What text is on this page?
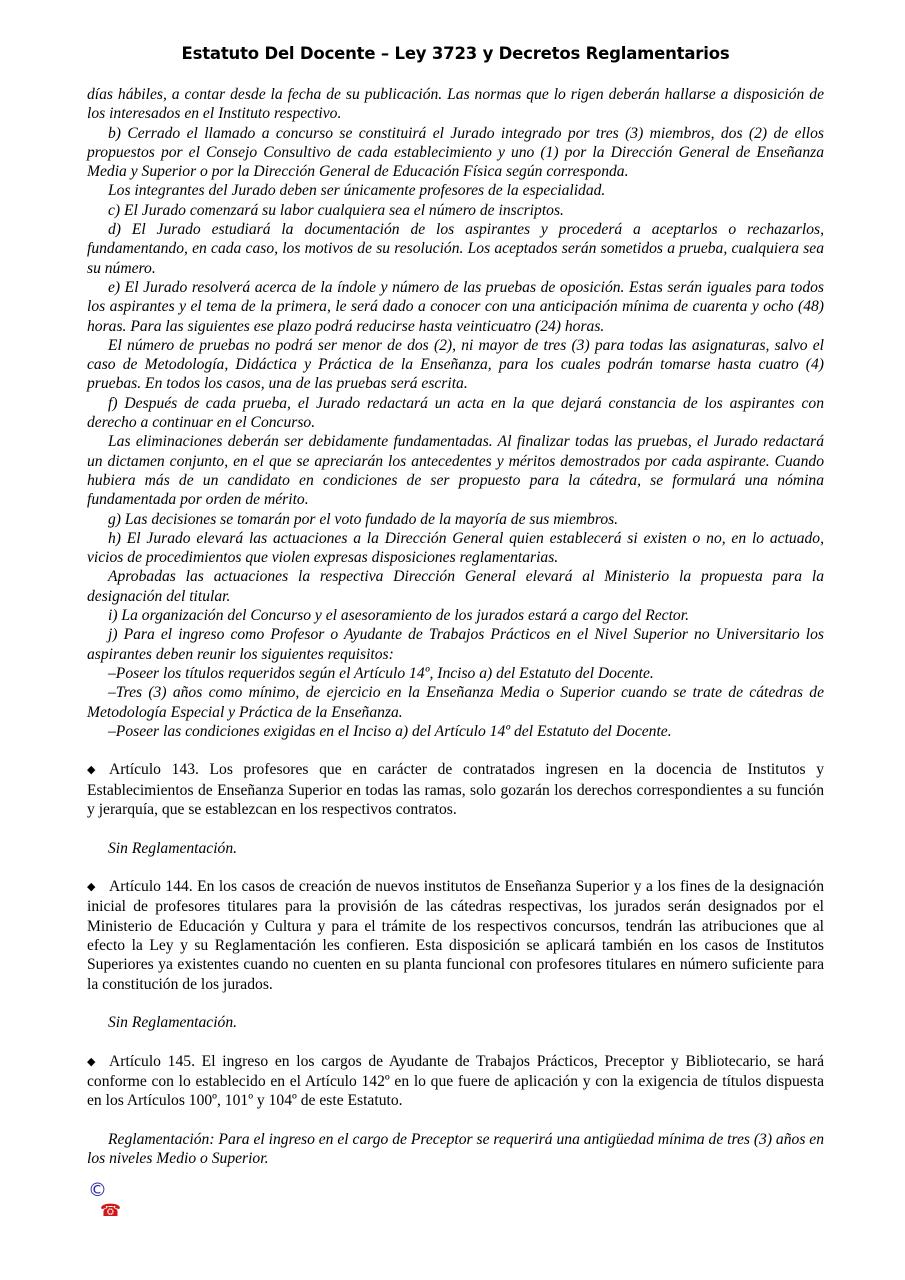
Estatuto Del Docente – Ley 3723 y Decretos Reglamentarios

días hábiles, a contar desde la fecha de su publicación. Las normas que lo rigen deberán hallarse a disposición de los interesados en el Instituto respectivo.

b) Cerrado el llamado a concurso se constituirá el Jurado integrado por tres (3) miembros, dos (2) de ellos propuestos por el Consejo Consultivo de cada establecimiento y uno (1) por la Dirección General de Enseñanza Media y Superior o por la Dirección General de Educación Física según corresponda.

Los integrantes del Jurado deben ser únicamente profesores de la especialidad.

c) El Jurado comenzará su labor cualquiera sea el número de inscriptos.

d) El Jurado estudiará la documentación de los aspirantes y procederá a aceptarlos o rechazarlos, fundamentando, en cada caso, los motivos de su resolución. Los aceptados serán sometidos a prueba, cualquiera sea su número.

e) El Jurado resolverá acerca de la índole y número de las pruebas de oposición. Estas serán iguales para todos los aspirantes y el tema de la primera, le será dado a conocer con una anticipación mínima de cuarenta y ocho (48) horas. Para las siguientes ese plazo podrá reducirse hasta veinticuatro (24) horas.

El número de pruebas no podrá ser menor de dos (2), ni mayor de tres (3) para todas las asignaturas, salvo el caso de Metodología, Didáctica y Práctica de la Enseñanza, para los cuales podrán tomarse hasta cuatro (4) pruebas. En todos los casos, una de las pruebas será escrita.

f) Después de cada prueba, el Jurado redactará un acta en la que dejará constancia de los aspirantes con derecho a continuar en el Concurso.

Las eliminaciones deberán ser debidamente fundamentadas. Al finalizar todas las pruebas, el Jurado redactará un dictamen conjunto, en el que se apreciarán los antecedentes y méritos demostrados por cada aspirante. Cuando hubiera más de un candidato en condiciones de ser propuesto para la cátedra, se formulará una nómina fundamentada por orden de mérito.

g) Las decisiones se tomarán por el voto fundado de la mayoría de sus miembros.

h) El Jurado elevará las actuaciones a la Dirección General quien establecerá si existen o no, en lo actuado, vicios de procedimientos que violen expresas disposiciones reglamentarias.

Aprobadas las actuaciones la respectiva Dirección General elevará al Ministerio la propuesta para la designación del titular.

i) La organización del Concurso y el asesoramiento de los jurados estará a cargo del Rector.

j) Para el ingreso como Profesor o Ayudante de Trabajos Prácticos en el Nivel Superior no Universitario los aspirantes deben reunir los siguientes requisitos:

–Poseer los títulos requeridos según el Artículo 14º, Inciso a) del Estatuto del Docente.

–Tres (3) años como mínimo, de ejercicio en la Enseñanza Media o Superior cuando se trate de cátedras de Metodología Especial y Práctica de la Enseñanza.

–Poseer las condiciones exigidas en el Inciso a) del Artículo 14º del Estatuto del Docente.

◆ Artículo 143. Los profesores que en carácter de contratados ingresen en la docencia de Institutos y Establecimientos de Enseñanza Superior en todas las ramas, solo gozarán los derechos correspondientes a su función y jerarquía, que se establezcan en los respectivos contratos.

Sin Reglamentación.

◆ Artículo 144. En los casos de creación de nuevos institutos de Enseñanza Superior y a los fines de la designación inicial de profesores titulares para la provisión de las cátedras respectivas, los jurados serán designados por el Ministerio de Educación y Cultura y para el trámite de los respectivos concursos, tendrán las atribuciones que al efecto la Ley y su Reglamentación les confieren. Esta disposición se aplicará también en los casos de Institutos Superiores ya existentes cuando no cuenten en su planta funcional con profesores titulares en número suficiente para la constitución de los jurados.

Sin Reglamentación.

◆ Artículo 145. El ingreso en los cargos de Ayudante de Trabajos Prácticos, Preceptor y Bibliotecario, se hará conforme con lo establecido en el Artículo 142º en lo que fuere de aplicación y con la exigencia de títulos dispuesta en los Artículos 100º, 101º y 104º de este Estatuto.

Reglamentación: Para el ingreso en el cargo de Preceptor se requerirá una antigüedad mínima de tres (3) años en los niveles Medio o Superior.

©
☎
